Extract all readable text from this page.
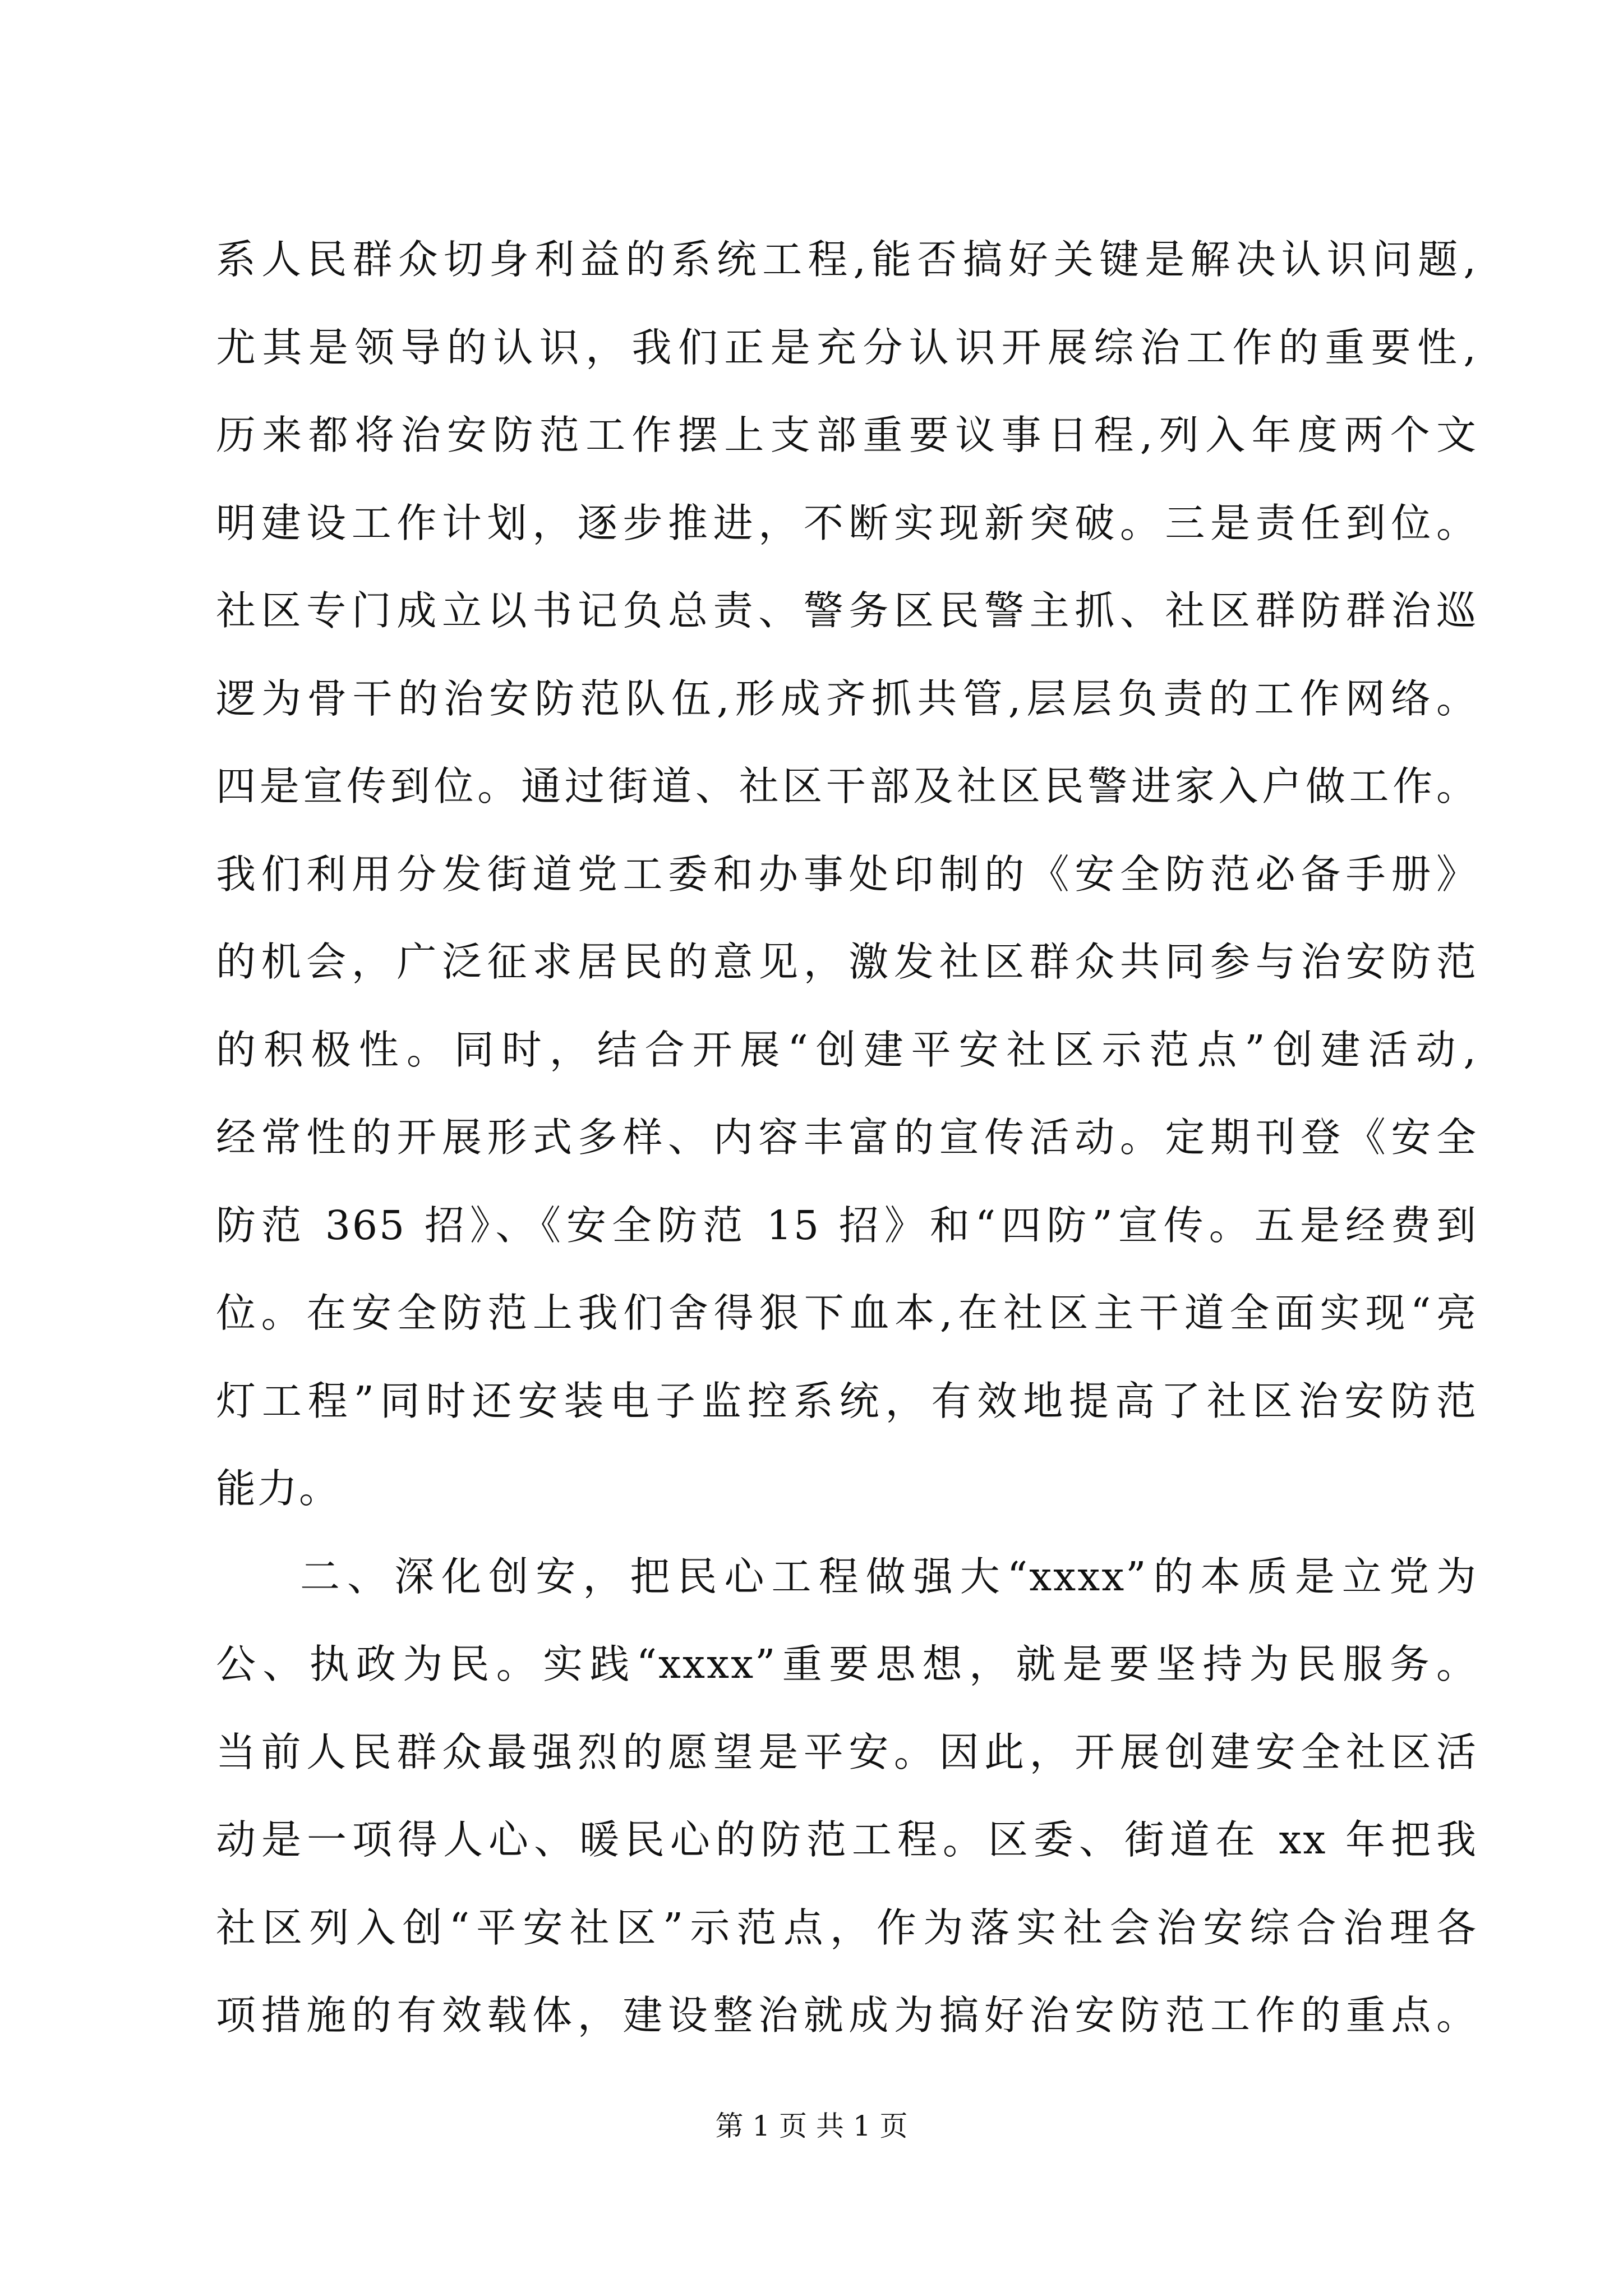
系人民群众切身利益的系统工程,能否搞好关键是解决认识问题,
尤其是领导的认识，我们正是充分认识开展综治工作的重要性,
历来都将治安防范工作摆上支部重要议事日程,列入年度两个文
明建设工作计划，逐步推进，不断实现新突破。三是责任到位。
社区专门成立以书记负总责、警务区民警主抓、社区群防群治巡
逻为骨干的治安防范队伍,形成齐抓共管,层层负责的工作网络。
四是宣传到位。通过街道、社区干部及社区民警进家入户做工作。
我们利用分发街道党工委和办事处印制的《安全防范必备手册》
的机会，广泛征求居民的意见，激发社区群众共同参与治安防范
的积极性。同时，结合开展“创建平安社区示范点”创建活动,
经常性的开展形式多样、内容丰富的宣传活动。定期刊登《安全
防范 365 招》、《安全防范 15 招》和“四防”宣传。五是经费到
位。在安全防范上我们舍得狠下血本,在社区主干道全面实现“亮
灯工程”同时还安装电子监控系统，有效地提高了社区治安防范
能力。
二、深化创安，把民心工程做强大“xxxx”的本质是立党为
公、执政为民。实践“xxxx”重要思想，就是要坚持为民服务。
当前人民群众最强烈的愿望是平安。因此，开展创建安全社区活
动是一项得人心、暖民心的防范工程。区委、街道在 xx 年把我
社区列入创“平安社区”示范点，作为落实社会治安综合治理各
项措施的有效载体，建设整治就成为搞好治安防范工作的重点。
第 1 页 共 1 页
